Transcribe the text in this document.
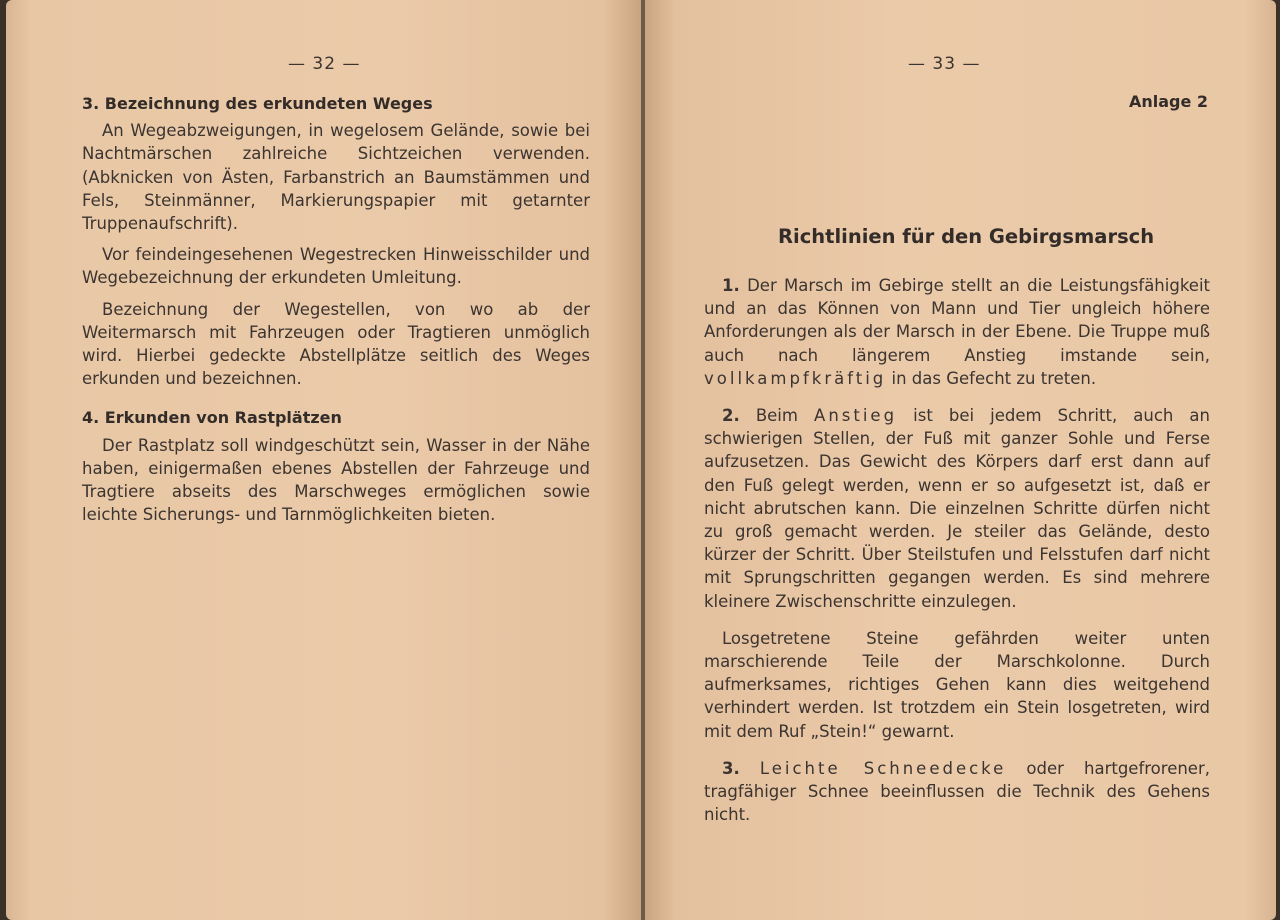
— 32 —
3. Bezeichnung des erkundeten Weges

An Wegeabzweigungen, in wegelosem Gelände, sowie bei Nachtmärschen zahlreiche Sichtzeichen verwenden. (Abknicken von Ästen, Farbanstrich an Baumstämmen und Fels, Steinmänner, Markierungspapier mit getarnter Truppenaufschrift).

Vor feindeingesehenen Wegestrecken Hinweisschilder und Wegebezeichnung der erkundeten Umleitung.

Bezeichnung der Wegestellen, von wo ab der Weitermarsch mit Fahrzeugen oder Tragtieren unmöglich wird. Hierbei gedeckte Abstellplätze seitlich des Weges erkunden und bezeichnen.

4. Erkunden von Rastplätzen

Der Rastplatz soll windgeschützt sein, Wasser in der Nähe haben, einigermaßen ebenes Abstellen der Fahrzeuge und Tragtiere abseits des Marschweges ermöglichen sowie leichte Sicherungs- und Tarnmöglichkeiten bieten.

— 33 —
Anlage 2
Richtlinien für den Gebirgsmarsch

1. Der Marsch im Gebirge stellt an die Leistungsfähigkeit und an das Können von Mann und Tier ungleich höhere Anforderungen als der Marsch in der Ebene. Die Truppe muß auch nach längerem Anstieg imstande sein, vollkampfkräftig in das Gefecht zu treten.

2. Beim Anstieg ist bei jedem Schritt, auch an schwierigen Stellen, der Fuß mit ganzer Sohle und Ferse aufzusetzen. Das Gewicht des Körpers darf erst dann auf den Fuß gelegt werden, wenn er so aufgesetzt ist, daß er nicht abrutschen kann. Die einzelnen Schritte dürfen nicht zu groß gemacht werden. Je steiler das Gelände, desto kürzer der Schritt. Über Steilstufen und Felsstufen darf nicht mit Sprungschritten gegangen werden. Es sind mehrere kleinere Zwischenschritte einzulegen.

Losgetretene Steine gefährden weiter unten marschierende Teile der Marschkolonne. Durch aufmerksames, richtiges Gehen kann dies weitgehend verhindert werden. Ist trotzdem ein Stein losgetreten, wird mit dem Ruf „Stein!“ gewarnt.

3. Leichte Schneedecke oder hartgefrorener, tragfähiger Schnee beeinflussen die Technik des Gehens nicht.
